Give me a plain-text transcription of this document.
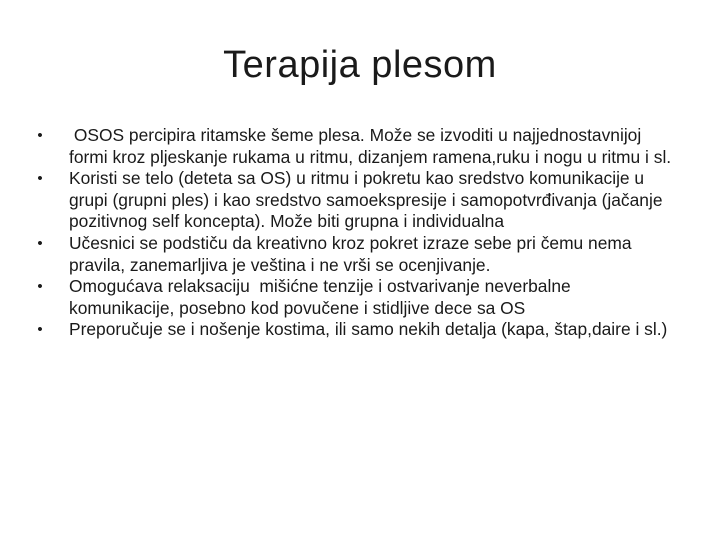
Terapija plesom
• OSOS percipira ritamske šeme plesa. Može se izvoditi u najjednostavnijoj formi kroz pljeskanje rukama u ritmu, dizanjem ramena,ruku i nogu u ritmu i sl.
• Koristi se telo (deteta sa OS) u ritmu i pokretu kao sredstvo komunikacije u grupi (grupni ples) i kao sredstvo samoekspresije i samopotvrđivanja (jačanje pozitivnog self koncepta). Može biti grupna i individualna
• Učesnici se podstiču da kreativno kroz pokret izraze sebe pri čemu nema pravila, zanemarljiva je veština i ne vrši se ocenjivanje.
• Omogućava relaksaciju  mišićne tenzije i ostvarivanje neverbalne komunikacije, posebno kod povučene i stidljive dece sa OS
• Preporučuje se i nošenje kostima, ili samo nekih detalja (kapa, štap,daire i sl.)
